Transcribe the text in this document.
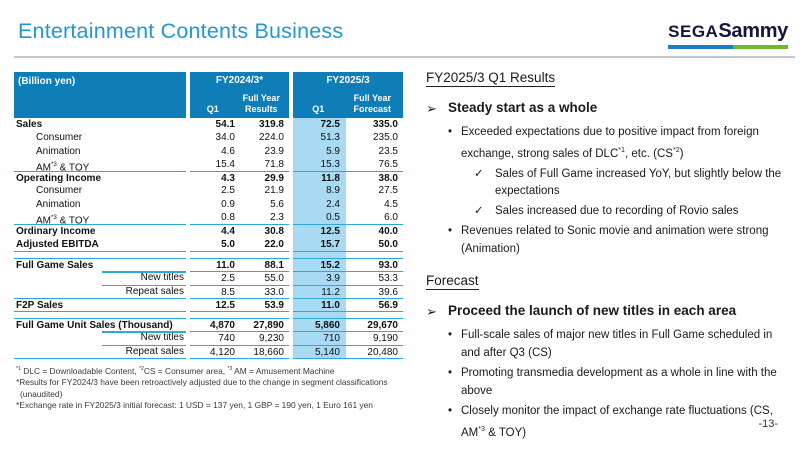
Entertainment Contents Business	SEGA Sammy
(Billion yen)	FY2024/3*
Q1
Full Year Results
FY2025/3
Q1
Full Year Forecast
Sales	54.1	319.8	72.5	335.0
Consumer	34.0	224.0	51.3	235.0
Animation	4.6	23.9	5.9	23.5
AM$^{*3}$ & TOY	15.4	71.8	15.3	76.5
Operating Income	4.3	29.9	11.8	38.0
Consumer	2.5	21.9	8.9	27.5
Animation	0.9	5.6	2.4	4.5
AM$^{*3}$ & TOY	0.8	2.3	0.5	6.0
Ordinary Income	4.4	30.8	12.5	40.0
Adjusted EBITDA	5.0	22.0	15.7	50.0
Full Game Sales	11.0	88.1	15.2	93.0
New titles	2.5	55.0	3.9	53.3
Repeat sales	8.5	33.0	11.2	39.6
F2P Sales	12.5	53.9	11.0	56.9
Full Game Unit Sales (Thousand)	4,870	27,890	5,860	29,670
New titles	740	9,230	710	9,190
Repeat sales	4,120	18,660	5,140	20,480
$^{*1}$ DLC = Downloadable Content, $^{*2}$CS = Consumer area, $^{*3}$ AM = Amusement Machine
*Results for FY2024/3 have been retroactively adjusted due to the change in segment classifications
(unaudited)
*Exchange rate in FY2025/3 initial forecast: 1 USD = 137 yen, 1 GBP = 190 yen, 1 Euro 161 yen
FY2025/3 Q1 Results
➢ Steady start as a whole
• Exceeded expectations due to positive impact from foreign exchange, strong sales of DLC$^{*1}$, etc. (CS$^{*2}$)
✓ Sales of Full Game increased YoY, but slightly below the expectations
✓ Sales increased due to recording of Rovio sales
• Revenues related to Sonic movie and animation were strong (Animation)
Forecast
➢ Proceed the launch of new titles in each area
• Full-scale sales of major new titles in Full Game scheduled in and after Q3 (CS)
• Promoting transmedia development as a whole in line with the above
• Closely monitor the impact of exchange rate fluctuations (CS, AM$^{*3}$ & TOY)
-13-
